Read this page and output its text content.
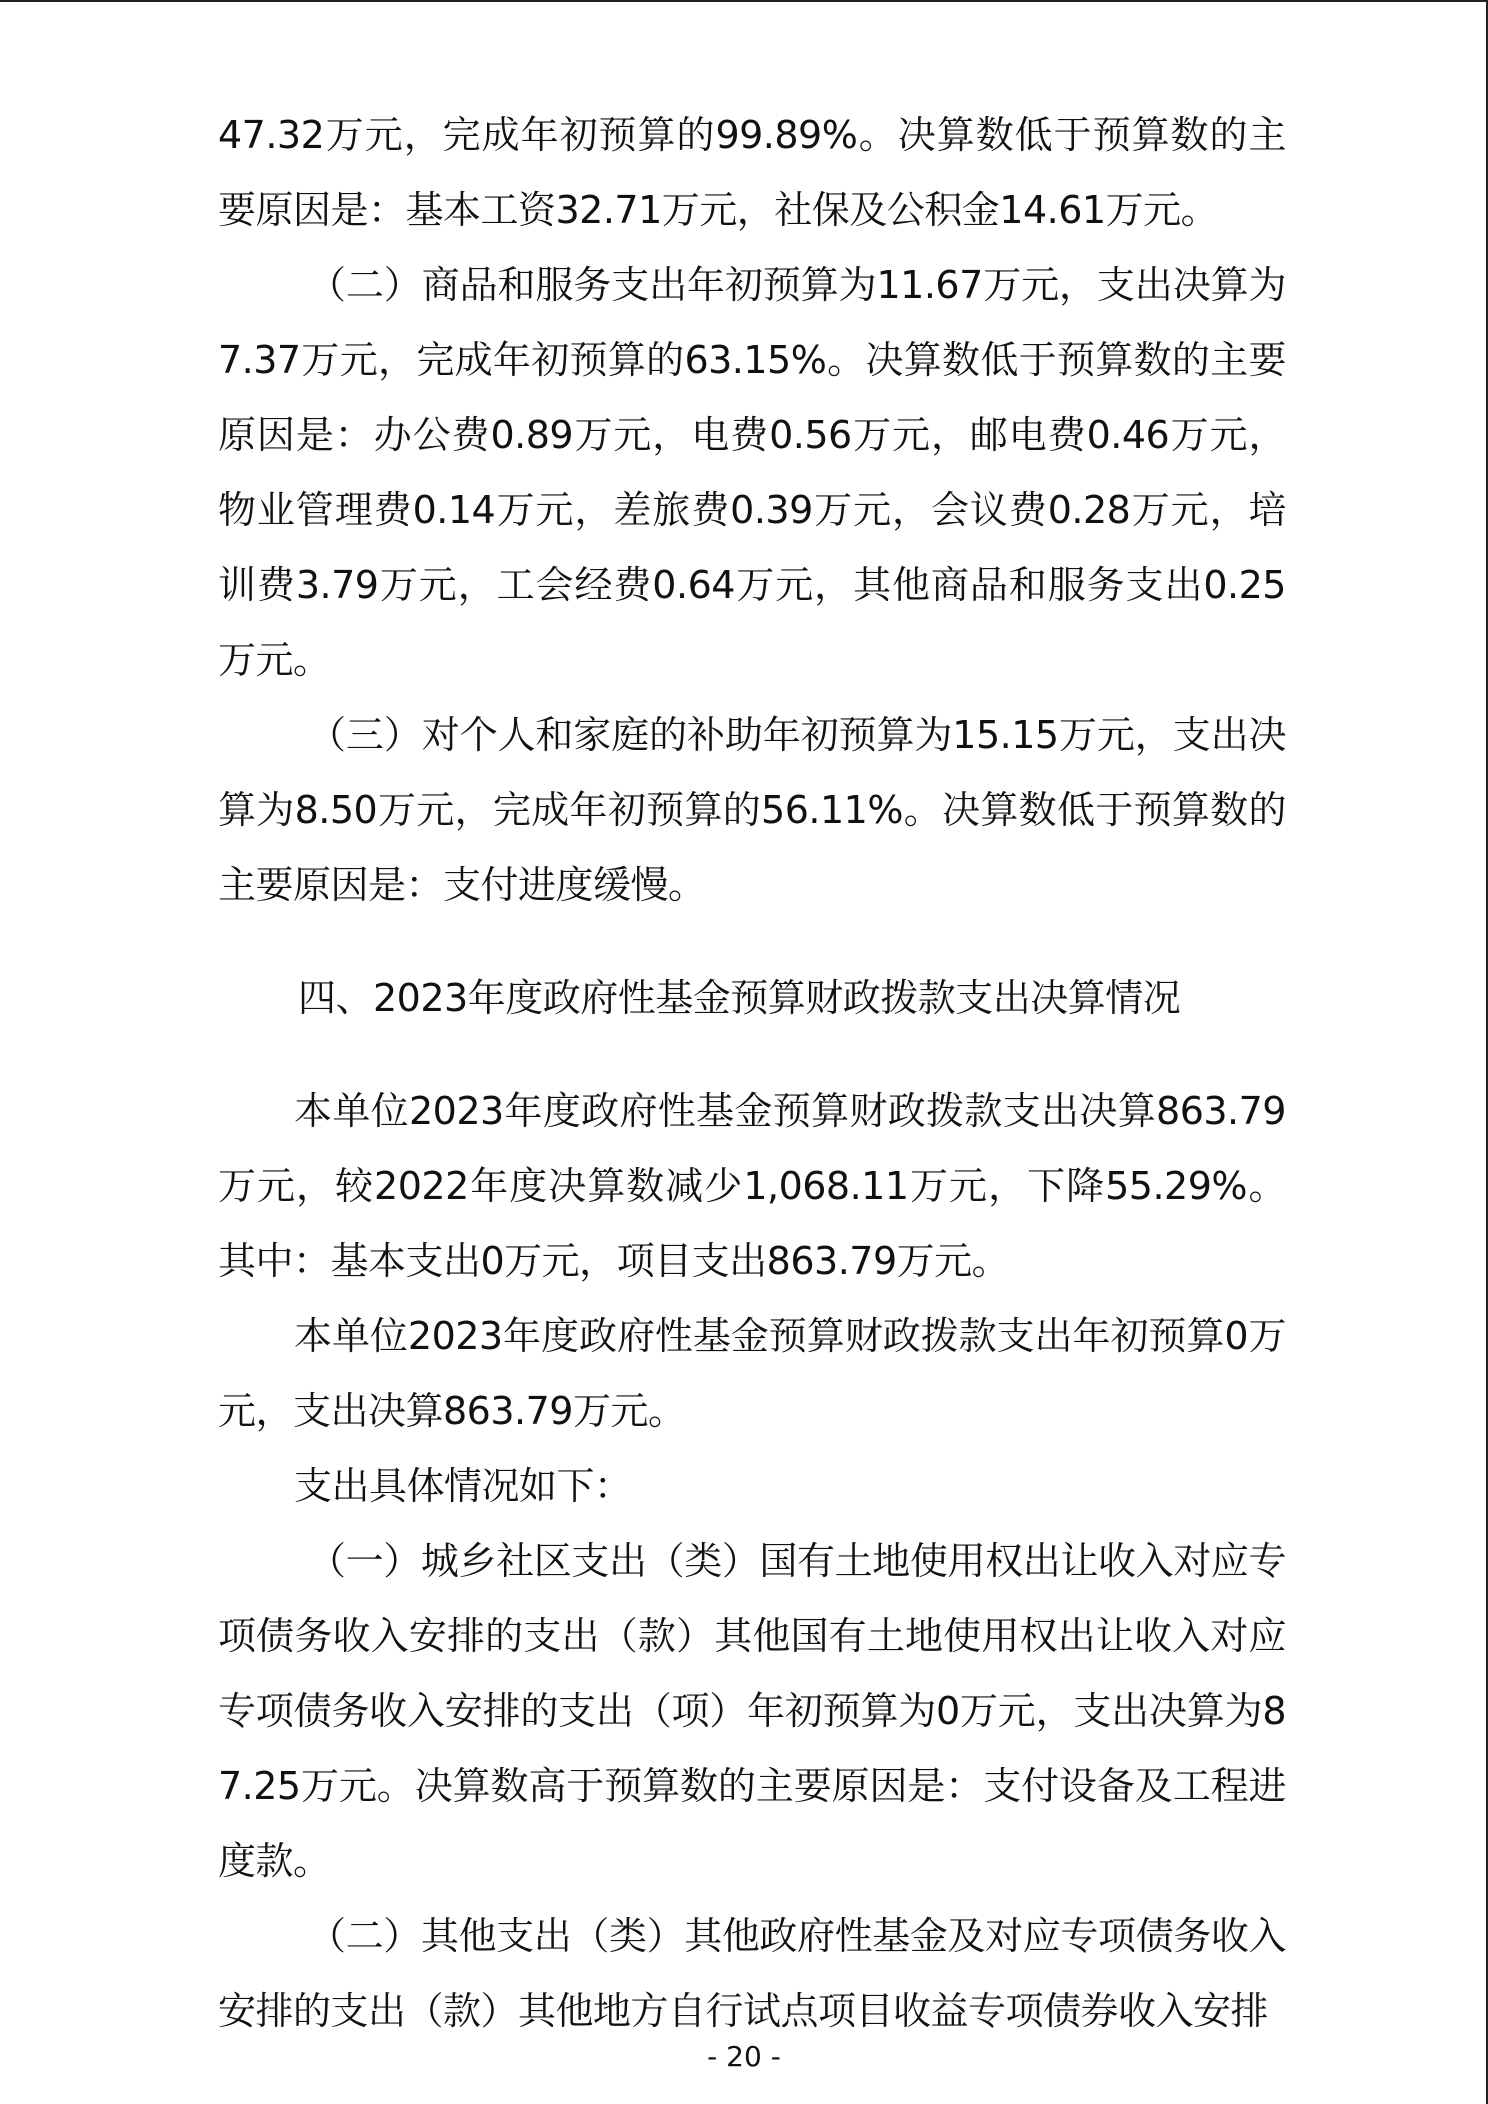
47.32万元，完成年初预算的99.89%。决算数低于预算数的主要原因是：基本工资32.71万元，社保及公积金14.61万元。

（二）商品和服务支出年初预算为11.67万元，支出决算为7.37万元，完成年初预算的63.15%。决算数低于预算数的主要原因是：办公费0.89万元，电费0.56万元，邮电费0.46万元，物业管理费0.14万元，差旅费0.39万元，会议费0.28万元，培训费3.79万元，工会经费0.64万元，其他商品和服务支出0.25万元。

（三）对个人和家庭的补助年初预算为15.15万元，支出决算为8.50万元，完成年初预算的56.11%。决算数低于预算数的主要原因是：支付进度缓慢。

四、2023年度政府性基金预算财政拨款支出决算情况

本单位2023年度政府性基金预算财政拨款支出决算863.79万元，较2022年度决算数减少1,068.11万元，下降55.29%。其中：基本支出0万元，项目支出863.79万元。

本单位2023年度政府性基金预算财政拨款支出年初预算0万元，支出决算863.79万元。

支出具体情况如下：

（一）城乡社区支出（类）国有土地使用权出让收入对应专项债务收入安排的支出（款）其他国有土地使用权出让收入对应专项债务收入安排的支出（项）年初预算为0万元，支出决算为87.25万元。决算数高于预算数的主要原因是：支付设备及工程进度款。

（二）其他支出（类）其他政府性基金及对应专项债务收入安排的支出（款）其他地方自行试点项目收益专项债券收入安排

- 20 -
